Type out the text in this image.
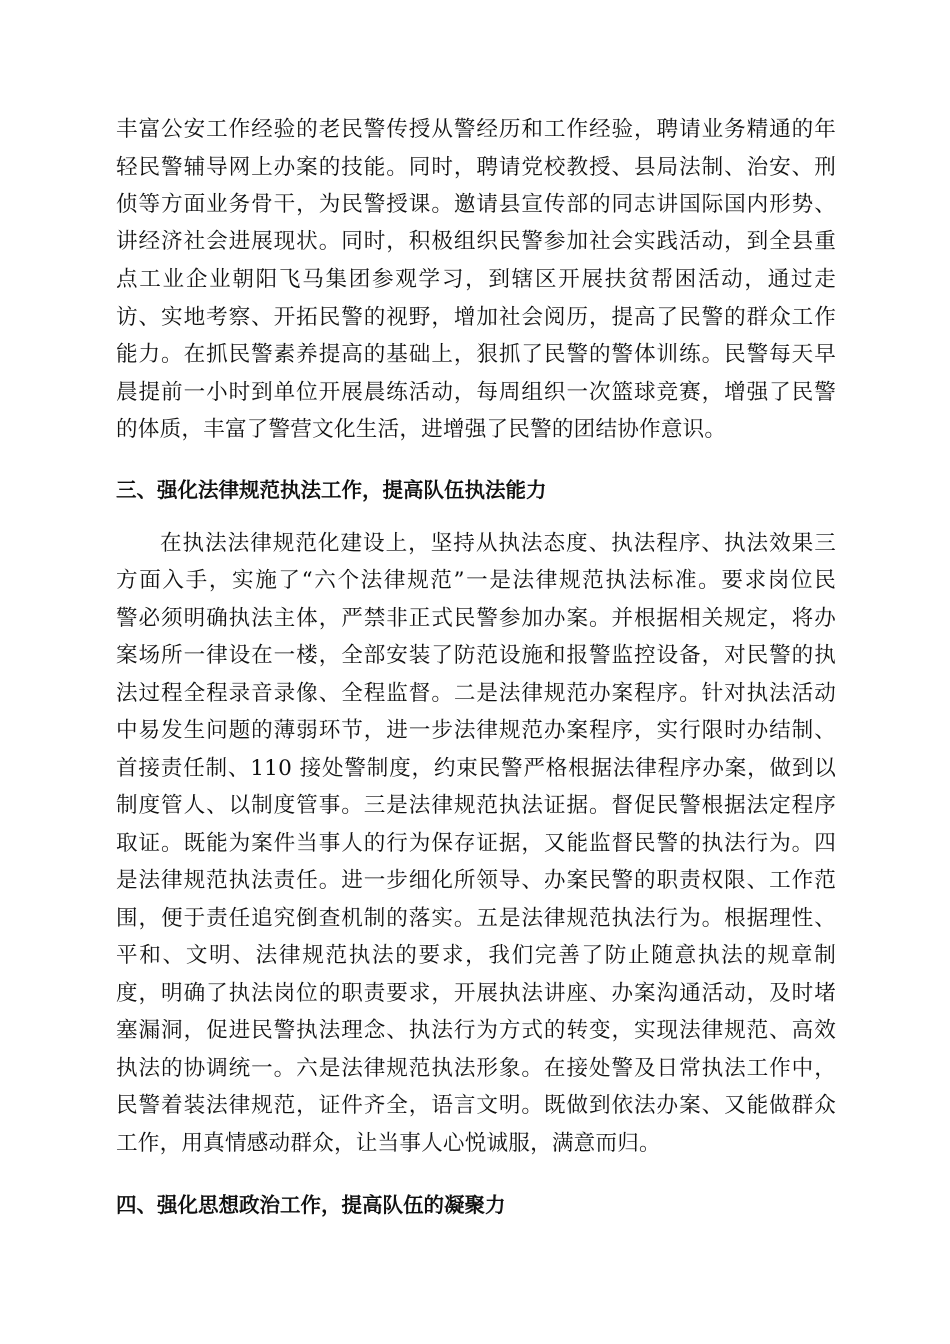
丰富公安工作经验的老民警传授从警经历和工作经验，聘请业务精通的年
轻民警辅导网上办案的技能。同时，聘请党校教授、县局法制、治安、刑
侦等方面业务骨干，为民警授课。邀请县宣传部的同志讲国际国内形势、
讲经济社会进展现状。同时，积极组织民警参加社会实践活动，到全县重
点工业企业朝阳飞马集团参观学习，到辖区开展扶贫帮困活动，通过走
访、实地考察、开拓民警的视野，增加社会阅历，提高了民警的群众工作
能力。在抓民警素养提高的基础上，狠抓了民警的警体训练。民警每天早
晨提前一小时到单位开展晨练活动，每周组织一次篮球竞赛，增强了民警
的体质，丰富了警营文化生活，进增强了民警的团结协作意识。
三、强化法律规范执法工作，提高队伍执法能力
在执法法律规范化建设上，坚持从执法态度、执法程序、执法效果三
方面入手，实施了“六个法律规范”一是法律规范执法标准。要求岗位民
警必须明确执法主体，严禁非正式民警参加办案。并根据相关规定，将办
案场所一律设在一楼，全部安装了防范设施和报警监控设备，对民警的执
法过程全程录音录像、全程监督。二是法律规范办案程序。针对执法活动
中易发生问题的薄弱环节，进一步法律规范办案程序，实行限时办结制、
首接责任制、110 接处警制度，约束民警严格根据法律程序办案，做到以
制度管人、以制度管事。三是法律规范执法证据。督促民警根据法定程序
取证。既能为案件当事人的行为保存证据，又能监督民警的执法行为。四
是法律规范执法责任。进一步细化所领导、办案民警的职责权限、工作范
围，便于责任追究倒查机制的落实。五是法律规范执法行为。根据理性、
平和、文明、法律规范执法的要求，我们完善了防止随意执法的规章制
度，明确了执法岗位的职责要求，开展执法讲座、办案沟通活动，及时堵
塞漏洞，促进民警执法理念、执法行为方式的转变，实现法律规范、高效
执法的协调统一。六是法律规范执法形象。在接处警及日常执法工作中，
民警着装法律规范，证件齐全，语言文明。既做到依法办案、又能做群众
工作，用真情感动群众，让当事人心悦诚服，满意而归。
四、强化思想政治工作，提高队伍的凝聚力
